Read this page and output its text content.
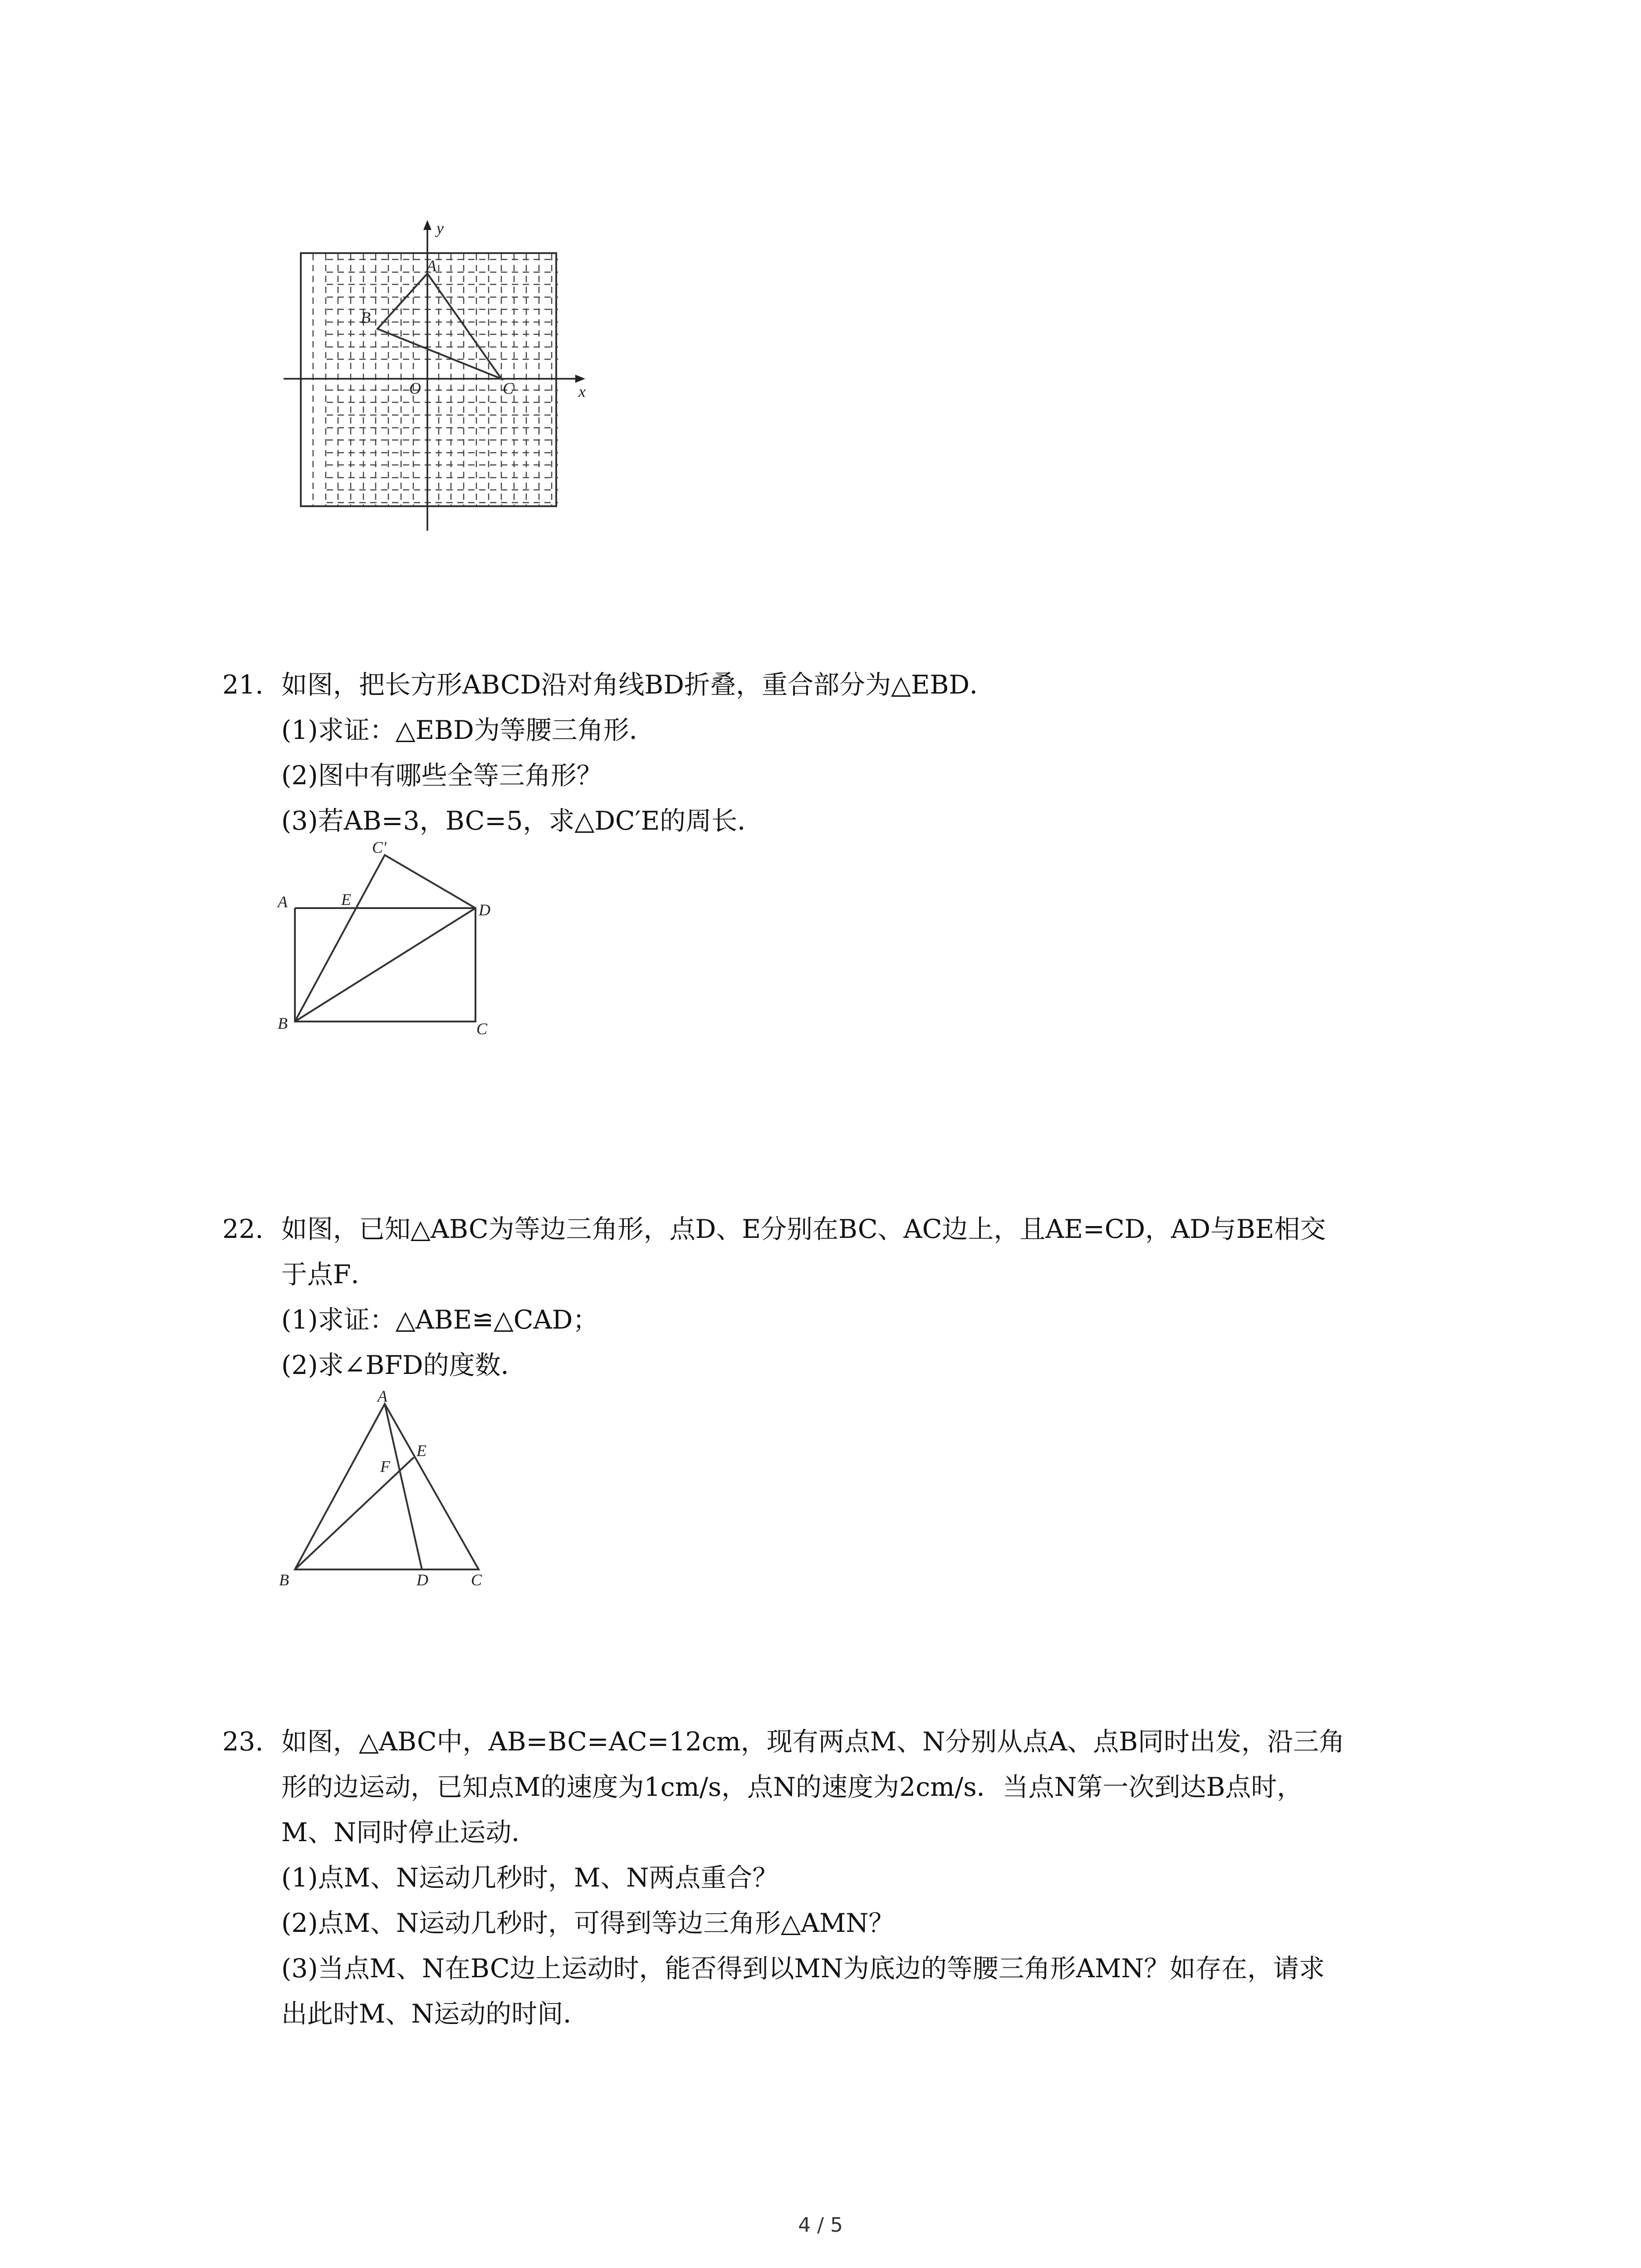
y
x
A
B
O	C
21. 如图，把长方形ABCD沿对角线BD折叠，重合部分为△EBD．
(1)求证：△EBD为等腰三角形．
(2)图中有哪些全等三角形？
(3)若AB=3，BC=5，求△DC′E的周长．
C′
A	E
D
B	C
22. 如图，已知△ABC为等边三角形，点D、E分别在BC、AC边上，且AE=CD，AD与BE相交
于点F．
(1)求证：△ABE≌△CAD；
(2)求∠BFD的度数．
A
E
F
B	D	C
23. 如图，△ABC中，AB=BC=AC=12cm，现有两点M、N分别从点A、点B同时出发，沿三角
形的边运动，已知点M的速度为1cm/s，点N的速度为2cm/s．当点N第一次到达B点时，
M、N同时停止运动．
(1)点M、N运动几秒时，M、N两点重合？
(2)点M、N运动几秒时，可得到等边三角形△AMN？
(3)当点M、N在BC边上运动时，能否得到以MN为底边的等腰三角形AMN？如存在，请求
出此时M、N运动的时间．
4 / 5
